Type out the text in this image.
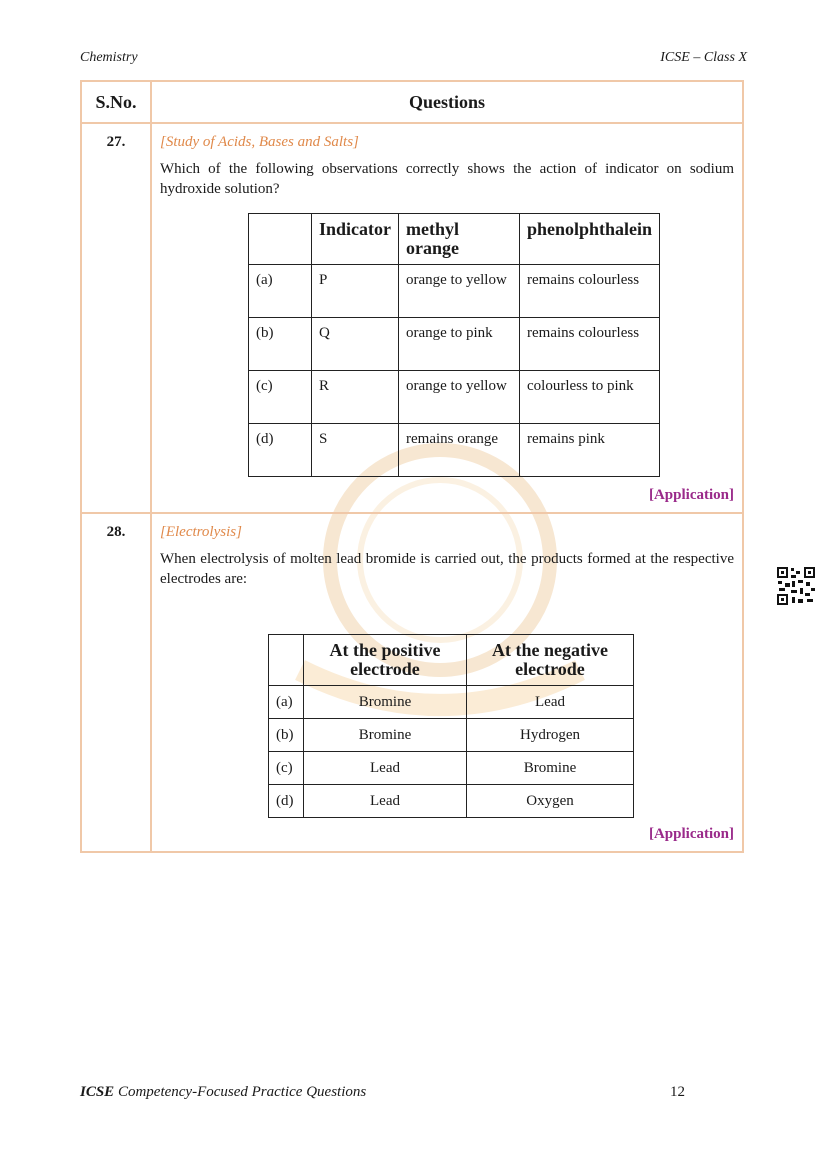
Chemistry	ICSE – Class X
S.No.	Questions
27.	[Study of Acids, Bases and Salts]
Which of the following observations correctly shows the action of indicator on sodium hydroxide solution?
	Indicator	methyl orange	phenolphthalein
(a)	P	orange to yellow	remains colourless
(b)	Q	orange to pink	remains colourless
(c)	R	orange to yellow	colourless to pink
(d)	S	remains orange	remains pink
[Application]

28.	[Electrolysis]
When electrolysis of molten lead bromide is carried out, the products formed at the respective electrodes are:
	At the positive electrode	At the negative electrode
(a)	Bromine	Lead
(b)	Bromine	Hydrogen
(c)	Lead	Bromine
(d)	Lead	Oxygen
[Application]
ICSE Competency-Focused Practice Questions	12
